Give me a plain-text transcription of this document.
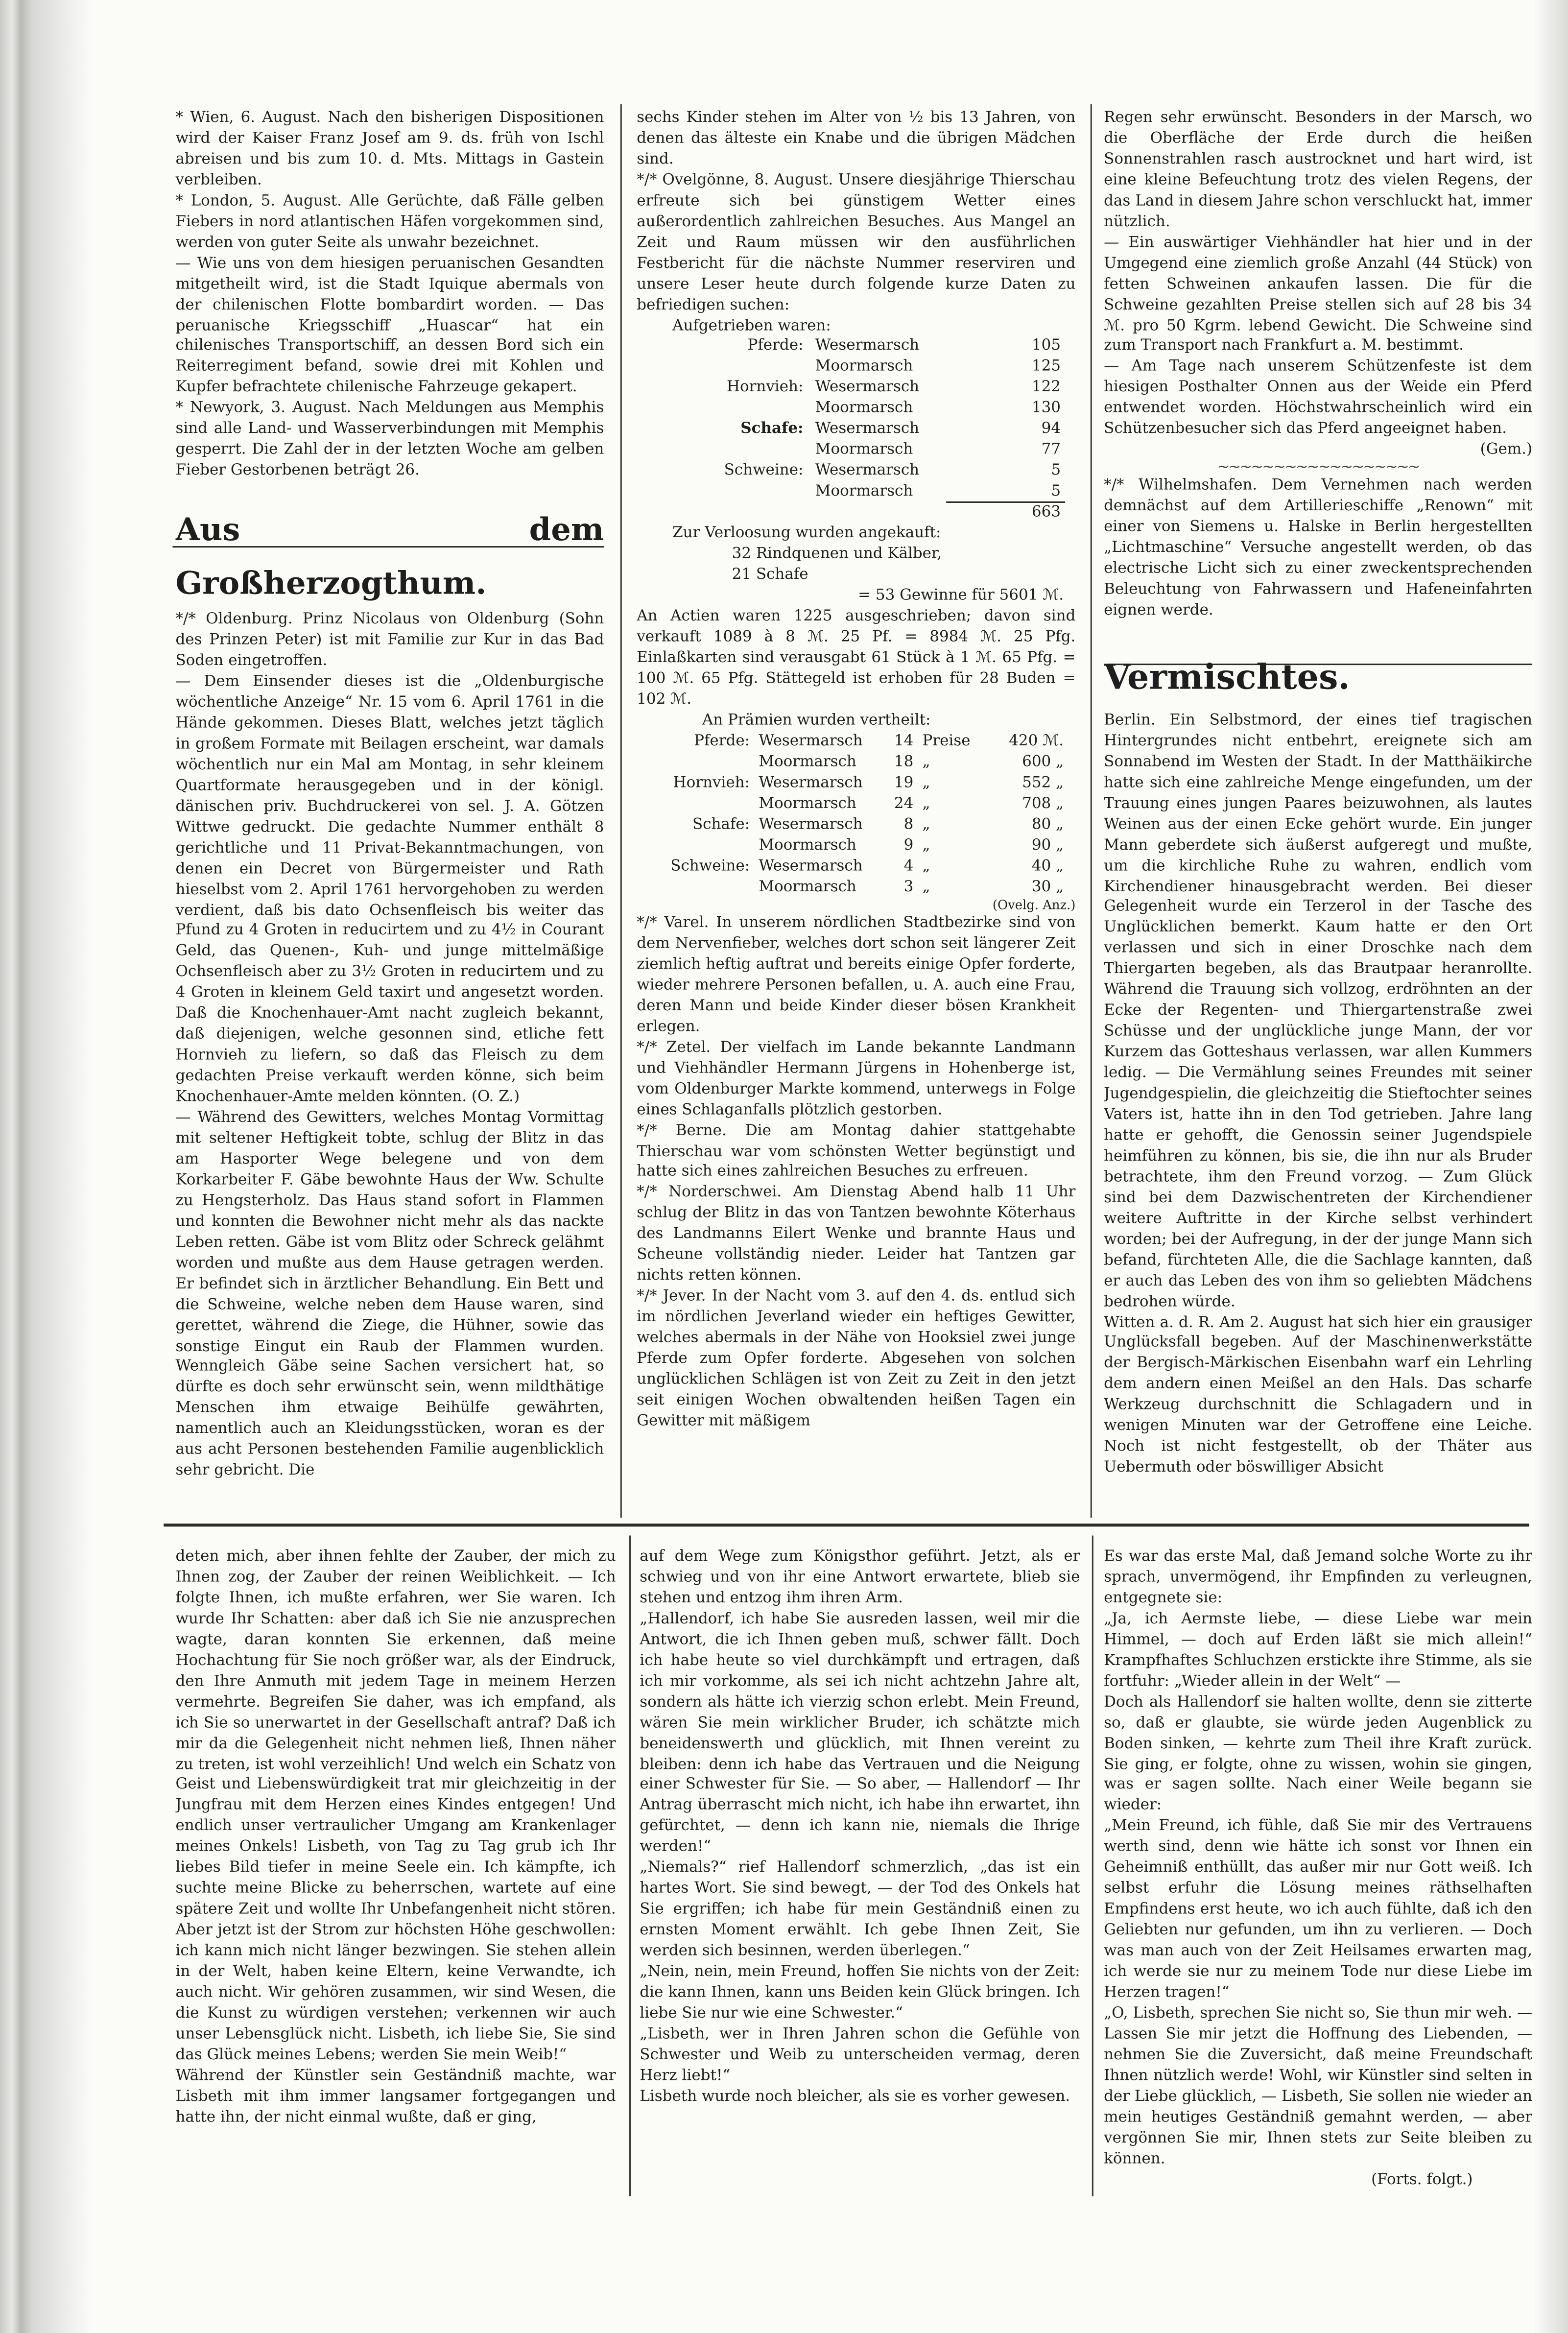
* Wien, 6. August. Nach den bisherigen Dispositionen wird der Kaiser Franz Josef am 9. ds. früh von Ischl abreisen und bis zum 10. d. Mts. Mittags in Gastein verbleiben.

* London, 5. August. Alle Gerüchte, daß Fälle gelben Fiebers in nord atlantischen Häfen vorgekommen sind, werden von guter Seite als unwahr bezeichnet.

— Wie uns von dem hiesigen peruanischen Gesandten mitgetheilt wird, ist die Stadt Iquique abermals von der chilenischen Flotte bombardirt worden. — Das peruanische Kriegsschiff „Huascar“ hat ein chilenisches Transportschiff, an dessen Bord sich ein Reiterregiment befand, sowie drei mit Kohlen und Kupfer befrachtete chilenische Fahrzeuge gekapert.

* Newyork, 3. August. Nach Meldungen aus Memphis sind alle Land- und Wasserverbindungen mit Memphis gesperrt. Die Zahl der in der letzten Woche am gelben Fieber Gestorbenen beträgt 26.

Aus dem Großherzogthum.

*/* Oldenburg. Prinz Nicolaus von Oldenburg (Sohn des Prinzen Peter) ist mit Familie zur Kur in das Bad Soden eingetroffen.

— Dem Einsender dieses ist die „Oldenburgische wöchentliche Anzeige“ Nr. 15 vom 6. April 1761 in die Hände gekommen. Dieses Blatt, welches jetzt täglich in großem Formate mit Beilagen erscheint, war damals wöchentlich nur ein Mal am Montag, in sehr kleinem Quartformate herausgegeben und in der königl. dänischen priv. Buchdruckerei von sel. J. A. Götzen Wittwe gedruckt. Die gedachte Nummer enthält 8 gerichtliche und 11 Privat-Bekanntmachungen, von denen ein Decret von Bürgermeister und Rath hieselbst vom 2. April 1761 hervorgehoben zu werden verdient, daß bis dato Ochsenfleisch bis weiter das Pfund zu 4 Groten in reducirtem und zu 4½ in Courant Geld, das Quenen-, Kuh- und junge mittelmäßige Ochsenfleisch aber zu 3½ Groten in reducirtem und zu 4 Groten in kleinem Geld taxirt und angesetzt worden. Daß die Knochenhauer-Amt nacht zugleich bekannt, daß diejenigen, welche gesonnen sind, etliche fett Hornvieh zu liefern, so daß das Fleisch zu dem gedachten Preise verkauft werden könne, sich beim Knochenhauer-Amte melden könnten. (O. Z.)

— Während des Gewitters, welches Montag Vormittag mit seltener Heftigkeit tobte, schlug der Blitz in das am Hasporter Wege belegene und von dem Korkarbeiter F. Gäbe bewohnte Haus der Ww. Schulte zu Hengsterholz. Das Haus stand sofort in Flammen und konnten die Bewohner nicht mehr als das nackte Leben retten. Gäbe ist vom Blitz oder Schreck gelähmt worden und mußte aus dem Hause getragen werden. Er befindet sich in ärztlicher Behandlung. Ein Bett und die Schweine, welche neben dem Hause waren, sind gerettet, während die Ziege, die Hühner, sowie das sonstige Eingut ein Raub der Flammen wurden. Wenngleich Gäbe seine Sachen versichert hat, so dürfte es doch sehr erwünscht sein, wenn mildthätige Menschen ihm etwaige Beihülfe gewährten, namentlich auch an Kleidungsstücken, woran es der aus acht Personen bestehenden Familie augenblicklich sehr gebricht. Die

sechs Kinder stehen im Alter von ½ bis 13 Jahren, von denen das älteste ein Knabe und die übrigen Mädchen sind.

*/* Ovelgönne, 8. August. Unsere diesjährige Thierschau erfreute sich bei günstigem Wetter eines außerordentlich zahlreichen Besuches. Aus Mangel an Zeit und Raum müssen wir den ausführlichen Festbericht für die nächste Nummer reserviren und unsere Leser heute durch folgende kurze Daten zu befriedigen suchen:

Aufgetrieben waren:

Pferde: Wesermarsch	105
Moormarsch	125
Hornvieh: Wesermarsch	122
Moormarsch	130
Schafe: Wesermarsch	94
Moormarsch	77
Schweine: Wesermarsch	5
Moormarsch	5
663

Zur Verloosung wurden angekauft:

32 Rindquenen und Kälber,

21 Schafe

= 53 Gewinne für 5601 ℳ.

An Actien waren 1225 ausgeschrieben; davon sind verkauft 1089 à 8 ℳ. 25 Pf. = 8984 ℳ. 25 Pfg. Einlaßkarten sind verausgabt 61 Stück à 1 ℳ. 65 Pfg. = 100 ℳ. 65 Pfg. Stättegeld ist erhoben für 28 Buden = 102 ℳ.

An Prämien wurden vertheilt:

Pferde: Wesermarsch	14 Preise	420 ℳ.
Moormarsch	18 „	600 „
Hornvieh: Wesermarsch	19 „	552 „
Moormarsch	24 „	708 „
Schafe: Wesermarsch	8 „	80 „
Moormarsch	9 „	90 „
Schweine: Wesermarsch	4 „	40 „
Moormarsch	3 „	30 „

(Ovelg. Anz.)

*/* Varel. In unserem nördlichen Stadtbezirke sind von dem Nervenfieber, welches dort schon seit längerer Zeit ziemlich heftig auftrat und bereits einige Opfer forderte, wieder mehrere Personen befallen, u. A. auch eine Frau, deren Mann und beide Kinder dieser bösen Krankheit erlegen.

*/* Zetel. Der vielfach im Lande bekannte Landmann und Viehhändler Hermann Jürgens in Hohenberge ist, vom Oldenburger Markte kommend, unterwegs in Folge eines Schlaganfalls plötzlich gestorben.

*/* Berne. Die am Montag dahier stattgehabte Thierschau war vom schönsten Wetter begünstigt und hatte sich eines zahlreichen Besuches zu erfreuen.

*/* Norderschwei. Am Dienstag Abend halb 11 Uhr schlug der Blitz in das von Tantzen bewohnte Köterhaus des Landmanns Eilert Wenke und brannte Haus und Scheune vollständig nieder. Leider hat Tantzen gar nichts retten können.

*/* Jever. In der Nacht vom 3. auf den 4. ds. entlud sich im nördlichen Jeverland wieder ein heftiges Gewitter, welches abermals in der Nähe von Hooksiel zwei junge Pferde zum Opfer forderte. Abgesehen von solchen unglücklichen Schlägen ist von Zeit zu Zeit in den jetzt seit einigen Wochen obwaltenden heißen Tagen ein Gewitter mit mäßigem

Regen sehr erwünscht. Besonders in der Marsch, wo die Oberfläche der Erde durch die heißen Sonnenstrahlen rasch austrocknet und hart wird, ist eine kleine Befeuchtung trotz des vielen Regens, der das Land in diesem Jahre schon verschluckt hat, immer nützlich.

— Ein auswärtiger Viehhändler hat hier und in der Umgegend eine ziemlich große Anzahl (44 Stück) von fetten Schweinen ankaufen lassen. Die für die Schweine gezahlten Preise stellen sich auf 28 bis 34 ℳ. pro 50 Kgrm. lebend Gewicht. Die Schweine sind zum Transport nach Frankfurt a. M. bestimmt.

— Am Tage nach unserem Schützenfeste ist dem hiesigen Posthalter Onnen aus der Weide ein Pferd entwendet worden. Höchstwahrscheinlich wird ein Schützenbesucher sich das Pferd angeeignet haben.

(Gem.)

~~~~~~~~~~~~~~~~~~

*/* Wilhelmshafen. Dem Vernehmen nach werden demnächst auf dem Artillerieschiffe „Renown“ mit einer von Siemens u. Halske in Berlin hergestellten „Lichtmaschine“ Versuche angestellt werden, ob das electrische Licht sich zu einer zweckentsprechenden Beleuchtung von Fahrwassern und Hafeneinfahrten eignen werde.

Vermischtes.

Berlin. Ein Selbstmord, der eines tief tragischen Hintergrundes nicht entbehrt, ereignete sich am Sonnabend im Westen der Stadt. In der Matthäikirche hatte sich eine zahlreiche Menge eingefunden, um der Trauung eines jungen Paares beizuwohnen, als lautes Weinen aus der einen Ecke gehört wurde. Ein junger Mann geberdete sich äußerst aufgeregt und mußte, um die kirchliche Ruhe zu wahren, endlich vom Kirchendiener hinausgebracht werden. Bei dieser Gelegenheit wurde ein Terzerol in der Tasche des Unglücklichen bemerkt. Kaum hatte er den Ort verlassen und sich in einer Droschke nach dem Thiergarten begeben, als das Brautpaar heranrollte. Während die Trauung sich vollzog, erdröhnten an der Ecke der Regenten- und Thiergartenstraße zwei Schüsse und der unglückliche junge Mann, der vor Kurzem das Gotteshaus verlassen, war allen Kummers ledig. — Die Vermählung seines Freundes mit seiner Jugendgespielin, die gleichzeitig die Stieftochter seines Vaters ist, hatte ihn in den Tod getrieben. Jahre lang hatte er gehofft, die Genossin seiner Jugendspiele heimführen zu können, bis sie, die ihn nur als Bruder betrachtete, ihm den Freund vorzog. — Zum Glück sind bei dem Dazwischentreten der Kirchendiener weitere Auftritte in der Kirche selbst verhindert worden; bei der Aufregung, in der der junge Mann sich befand, fürchteten Alle, die die Sachlage kannten, daß er auch das Leben des von ihm so geliebten Mädchens bedrohen würde.

Witten a. d. R. Am 2. August hat sich hier ein grausiger Unglücksfall begeben. Auf der Maschinenwerkstätte der Bergisch-Märkischen Eisenbahn warf ein Lehrling dem andern einen Meißel an den Hals. Das scharfe Werkzeug durchschnitt die Schlagadern und in wenigen Minuten war der Getroffene eine Leiche. Noch ist nicht festgestellt, ob der Thäter aus Uebermuth oder böswilliger Absicht

deten mich, aber ihnen fehlte der Zauber, der mich zu Ihnen zog, der Zauber der reinen Weiblichkeit. — Ich folgte Ihnen, ich mußte erfahren, wer Sie waren. Ich wurde Ihr Schatten: aber daß ich Sie nie anzusprechen wagte, daran konnten Sie erkennen, daß meine Hochachtung für Sie noch größer war, als der Eindruck, den Ihre Anmuth mit jedem Tage in meinem Herzen vermehrte. Begreifen Sie daher, was ich empfand, als ich Sie so unerwartet in der Gesellschaft antraf? Daß ich mir da die Gelegenheit nicht nehmen ließ, Ihnen näher zu treten, ist wohl verzeihlich! Und welch ein Schatz von Geist und Liebenswürdigkeit trat mir gleichzeitig in der Jungfrau mit dem Herzen eines Kindes entgegen! Und endlich unser vertraulicher Umgang am Krankenlager meines Onkels! Lisbeth, von Tag zu Tag grub ich Ihr liebes Bild tiefer in meine Seele ein. Ich kämpfte, ich suchte meine Blicke zu beherrschen, wartete auf eine spätere Zeit und wollte Ihr Unbefangenheit nicht stören. Aber jetzt ist der Strom zur höchsten Höhe geschwollen: ich kann mich nicht länger bezwingen. Sie stehen allein in der Welt, haben keine Eltern, keine Verwandte, ich auch nicht. Wir gehören zusammen, wir sind Wesen, die die Kunst zu würdigen verstehen; verkennen wir auch unser Lebensglück nicht. Lisbeth, ich liebe Sie, Sie sind das Glück meines Lebens; werden Sie mein Weib!“

Während der Künstler sein Geständniß machte, war Lisbeth mit ihm immer langsamer fortgegangen und hatte ihn, der nicht einmal wußte, daß er ging,

auf dem Wege zum Königsthor geführt. Jetzt, als er schwieg und von ihr eine Antwort erwartete, blieb sie stehen und entzog ihm ihren Arm.

„Hallendorf, ich habe Sie ausreden lassen, weil mir die Antwort, die ich Ihnen geben muß, schwer fällt. Doch ich habe heute so viel durchkämpft und ertragen, daß ich mir vorkomme, als sei ich nicht achtzehn Jahre alt, sondern als hätte ich vierzig schon erlebt. Mein Freund, wären Sie mein wirklicher Bruder, ich schätzte mich beneidenswerth und glücklich, mit Ihnen vereint zu bleiben: denn ich habe das Vertrauen und die Neigung einer Schwester für Sie. — So aber, — Hallendorf — Ihr Antrag überrascht mich nicht, ich habe ihn erwartet, ihn gefürchtet, — denn ich kann nie, niemals die Ihrige werden!“

„Niemals?“ rief Hallendorf schmerzlich, „das ist ein hartes Wort. Sie sind bewegt, — der Tod des Onkels hat Sie ergriffen; ich habe für mein Geständniß einen zu ernsten Moment erwählt. Ich gebe Ihnen Zeit, Sie werden sich besinnen, werden überlegen.“

„Nein, nein, mein Freund, hoffen Sie nichts von der Zeit: die kann Ihnen, kann uns Beiden kein Glück bringen. Ich liebe Sie nur wie eine Schwester.“

„Lisbeth, wer in Ihren Jahren schon die Gefühle von Schwester und Weib zu unterscheiden vermag, deren Herz liebt!“

Lisbeth wurde noch bleicher, als sie es vorher gewesen.

Es war das erste Mal, daß Jemand solche Worte zu ihr sprach, unvermögend, ihr Empfinden zu verleugnen, entgegnete sie:

„Ja, ich Aermste liebe, — diese Liebe war mein Himmel, — doch auf Erden läßt sie mich allein!“ Krampfhaftes Schluchzen erstickte ihre Stimme, als sie fortfuhr: „Wieder allein in der Welt“ —

Doch als Hallendorf sie halten wollte, denn sie zitterte so, daß er glaubte, sie würde jeden Augenblick zu Boden sinken, — kehrte zum Theil ihre Kraft zurück. Sie ging, er folgte, ohne zu wissen, wohin sie gingen, was er sagen sollte. Nach einer Weile begann sie wieder:

„Mein Freund, ich fühle, daß Sie mir des Vertrauens werth sind, denn wie hätte ich sonst vor Ihnen ein Geheimniß enthüllt, das außer mir nur Gott weiß. Ich selbst erfuhr die Lösung meines räthselhaften Empfindens erst heute, wo ich auch fühlte, daß ich den Geliebten nur gefunden, um ihn zu verlieren. — Doch was man auch von der Zeit Heilsames erwarten mag, ich werde sie nur zu meinem Tode nur diese Liebe im Herzen tragen!“

„O, Lisbeth, sprechen Sie nicht so, Sie thun mir weh. — Lassen Sie mir jetzt die Hoffnung des Liebenden, — nehmen Sie die Zuversicht, daß meine Freundschaft Ihnen nützlich werde! Wohl, wir Künstler sind selten in der Liebe glücklich, — Lisbeth, Sie sollen nie wieder an mein heutiges Geständniß gemahnt werden, — aber vergönnen Sie mir, Ihnen stets zur Seite bleiben zu können.

(Forts. folgt.)
